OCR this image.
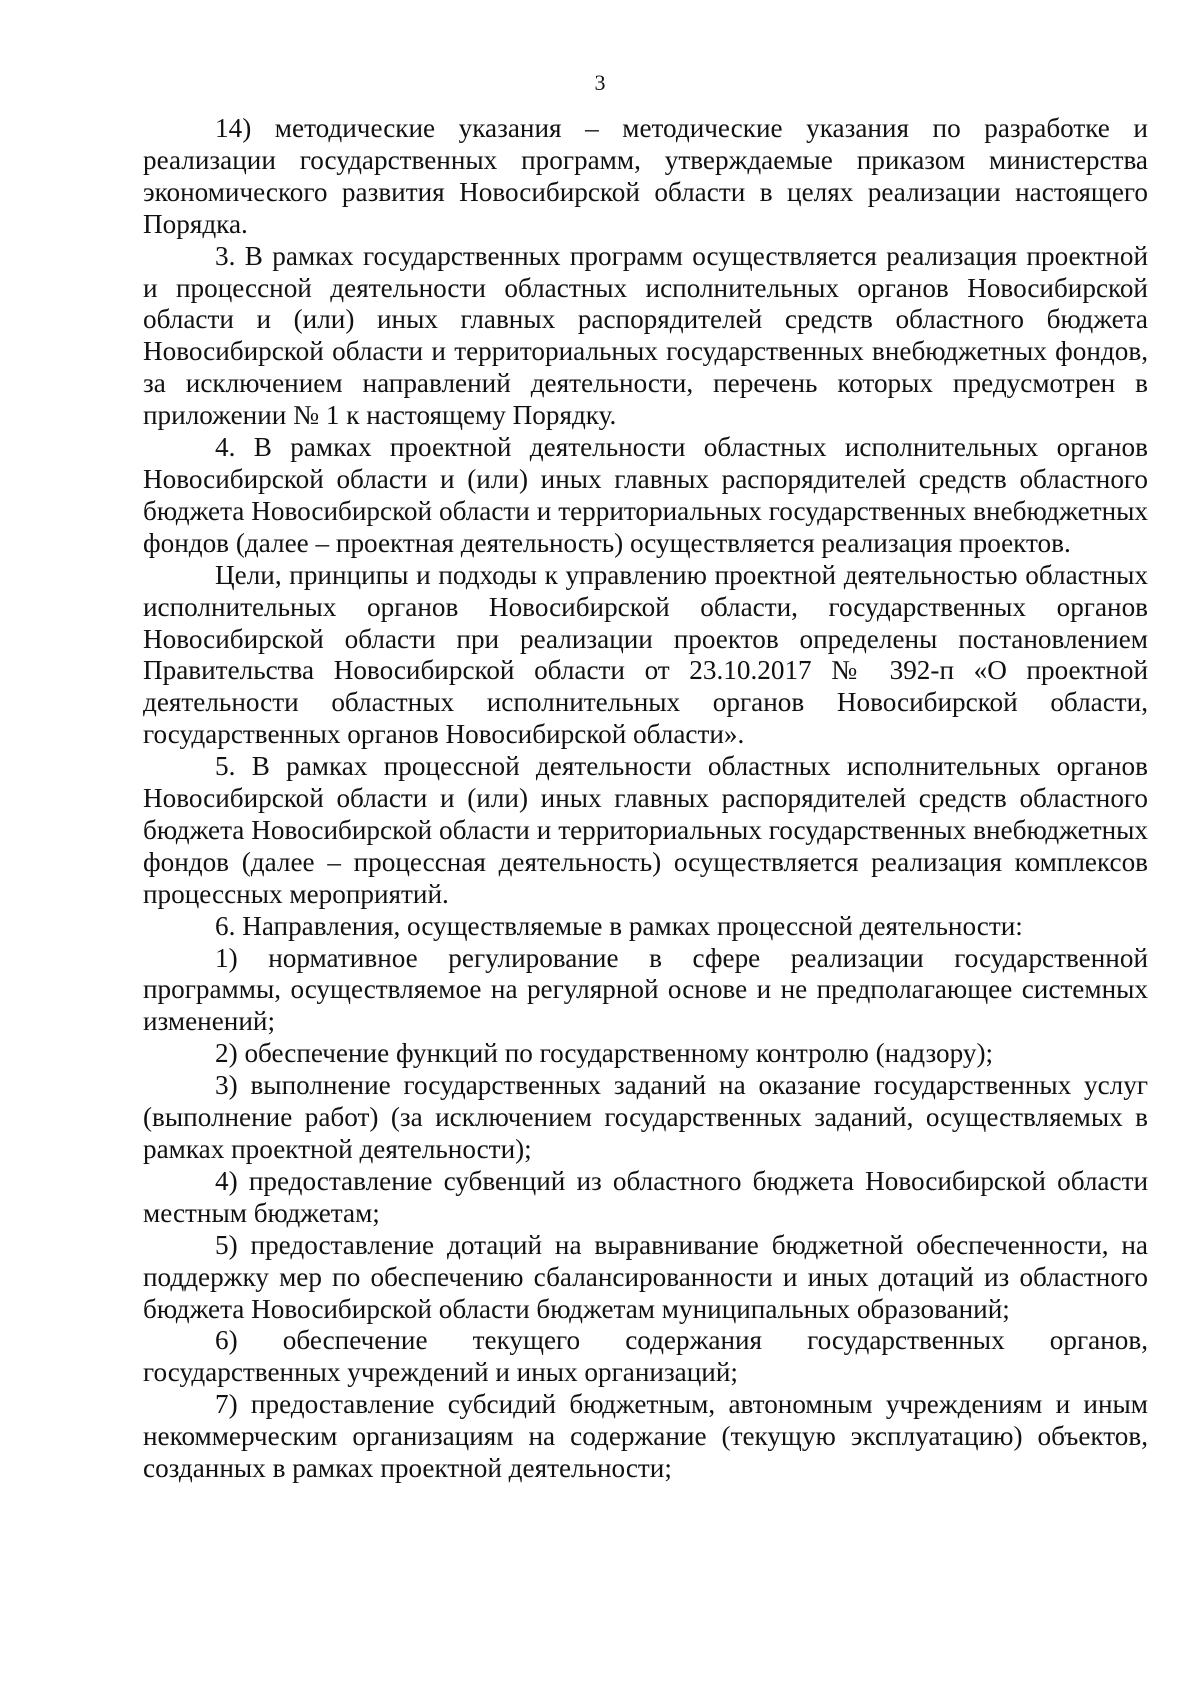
3

14) методические указания – методические указания по разработке и реализации государственных программ, утверждаемые приказом министерства экономического развития Новосибирской области в целях реализации настоящего Порядка.

3. В рамках государственных программ осуществляется реализация проектной и процессной деятельности областных исполнительных органов Новосибирской области и (или) иных главных распорядителей средств областного бюджета Новосибирской области и территориальных государственных внебюджетных фондов, за исключением направлений деятельности, перечень которых предусмотрен в приложении № 1 к настоящему Порядку.

4. В рамках проектной деятельности областных исполнительных органов Новосибирской области и (или) иных главных распорядителей средств областного бюджета Новосибирской области и территориальных государственных внебюджетных фондов (далее – проектная деятельность) осуществляется реализация проектов.

Цели, принципы и подходы к управлению проектной деятельностью областных исполнительных органов Новосибирской области, государственных органов Новосибирской области при реализации проектов определены постановлением Правительства Новосибирской области от 23.10.2017 № 392-п «О проектной деятельности областных исполнительных органов Новосибирской области, государственных органов Новосибирской области».

5. В рамках процессной деятельности областных исполнительных органов Новосибирской области и (или) иных главных распорядителей средств областного бюджета Новосибирской области и территориальных государственных внебюджетных фондов (далее – процессная деятельность) осуществляется реализация комплексов процессных мероприятий.

6. Направления, осуществляемые в рамках процессной деятельности:

1) нормативное регулирование в сфере реализации государственной программы, осуществляемое на регулярной основе и не предполагающее системных изменений;

2) обеспечение функций по государственному контролю (надзору);

3) выполнение государственных заданий на оказание государственных услуг (выполнение работ) (за исключением государственных заданий, осуществляемых в рамках проектной деятельности);

4) предоставление субвенций из областного бюджета Новосибирской области местным бюджетам;

5) предоставление дотаций на выравнивание бюджетной обеспеченности, на поддержку мер по обеспечению сбалансированности и иных дотаций из областного бюджета Новосибирской области бюджетам муниципальных образований;

6) обеспечение текущего содержания государственных органов, государственных учреждений и иных организаций;

7) предоставление субсидий бюджетным, автономным учреждениям и иным некоммерческим организациям на содержание (текущую эксплуатацию) объектов, созданных в рамках проектной деятельности;
